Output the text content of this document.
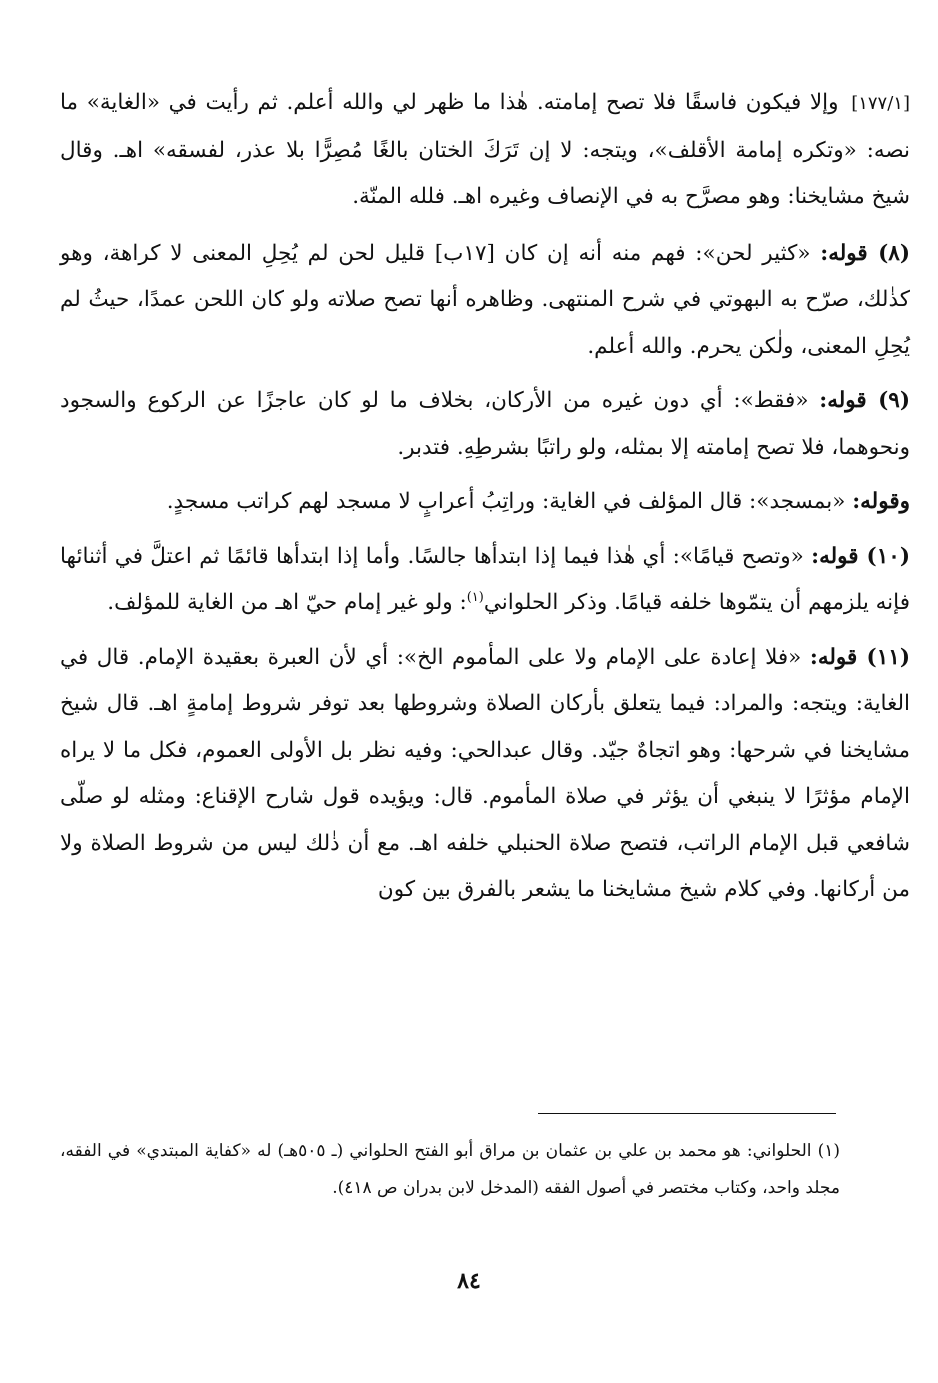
[١٧٧/١] وإلا فيكون فاسقًا فلا تصح إمامته. هٰذا ما ظهر لي والله أعلم. ثم رأيت في «الغاية» ما نصه: «وتكره إمامة الأقلف»، ويتجه: لا إن تَرَكَ الختان بالغًا مُصِرًّا بلا عذر، لفسقه» اهـ. وقال شيخ مشايخنا: وهو مصرَّح به في الإنصاف وغيره اهـ. فلله المنّة.

(٨) قوله: «كثير لحن»: فهم منه أنه إن كان [١٧ب] قليل لحن لم يُحِلِ المعنى لا كراهة، وهو كذٰلك، صرّح به البهوتي في شرح المنتهى. وظاهره أنها تصح صلاته ولو كان اللحن عمدًا، حيثُ لم يُحِلِ المعنى، ولٰكن يحرم. والله أعلم.

(٩) قوله: «فقط»: أي دون غيره من الأركان، بخلاف ما لو كان عاجزًا عن الركوع والسجود ونحوهما، فلا تصح إمامته إلا بمثله، ولو راتبًا بشرطِهِ. فتدبر.

وقوله: «بمسجد»: قال المؤلف في الغاية: وراتِبُ أعرابٍ لا مسجد لهم كراتب مسجدٍ.

(١٠) قوله: «وتصح قيامًا»: أي هٰذا فيما إذا ابتدأها جالسًا. وأما إذا ابتدأها قائمًا ثم اعتلَّ في أثنائها فإنه يلزمهم أن يتمّوها خلفه قيامًا. وذكر الحلواني$^{(١)}$: ولو غير إمام حيّ اهـ من الغاية للمؤلف.

(١١) قوله: «فلا إعادة على الإمام ولا على المأموم الخ»: أي لأن العبرة بعقيدة الإمام. قال في الغاية: ويتجه: والمراد: فيما يتعلق بأركان الصلاة وشروطها بعد توفر شروط إمامةٍ اهـ. قال شيخ مشايخنا في شرحها: وهو اتجاهٌ جيّد. وقال عبدالحي: وفيه نظر بل الأولى العموم، فكل ما لا يراه الإمام مؤثرًا لا ينبغي أن يؤثر في صلاة المأموم. قال: ويؤيده قول شارح الإقناع: ومثله لو صلّى شافعي قبل الإمام الراتب، فتصح صلاة الحنبلي خلفه اهـ. مع أن ذٰلك ليس من شروط الصلاة ولا من أركانها. وفي كلام شيخ مشايخنا ما يشعر بالفرق بين كون

(١) الحلواني: هو محمد بن علي بن عثمان بن مراق أبو الفتح الحلواني (ـ ٥٠٥هـ) له «كفاية المبتدي» في الفقه، مجلد واحد، وكتاب مختصر في أصول الفقه (المدخل لابن بدران ص ٤١٨).

٨٤
